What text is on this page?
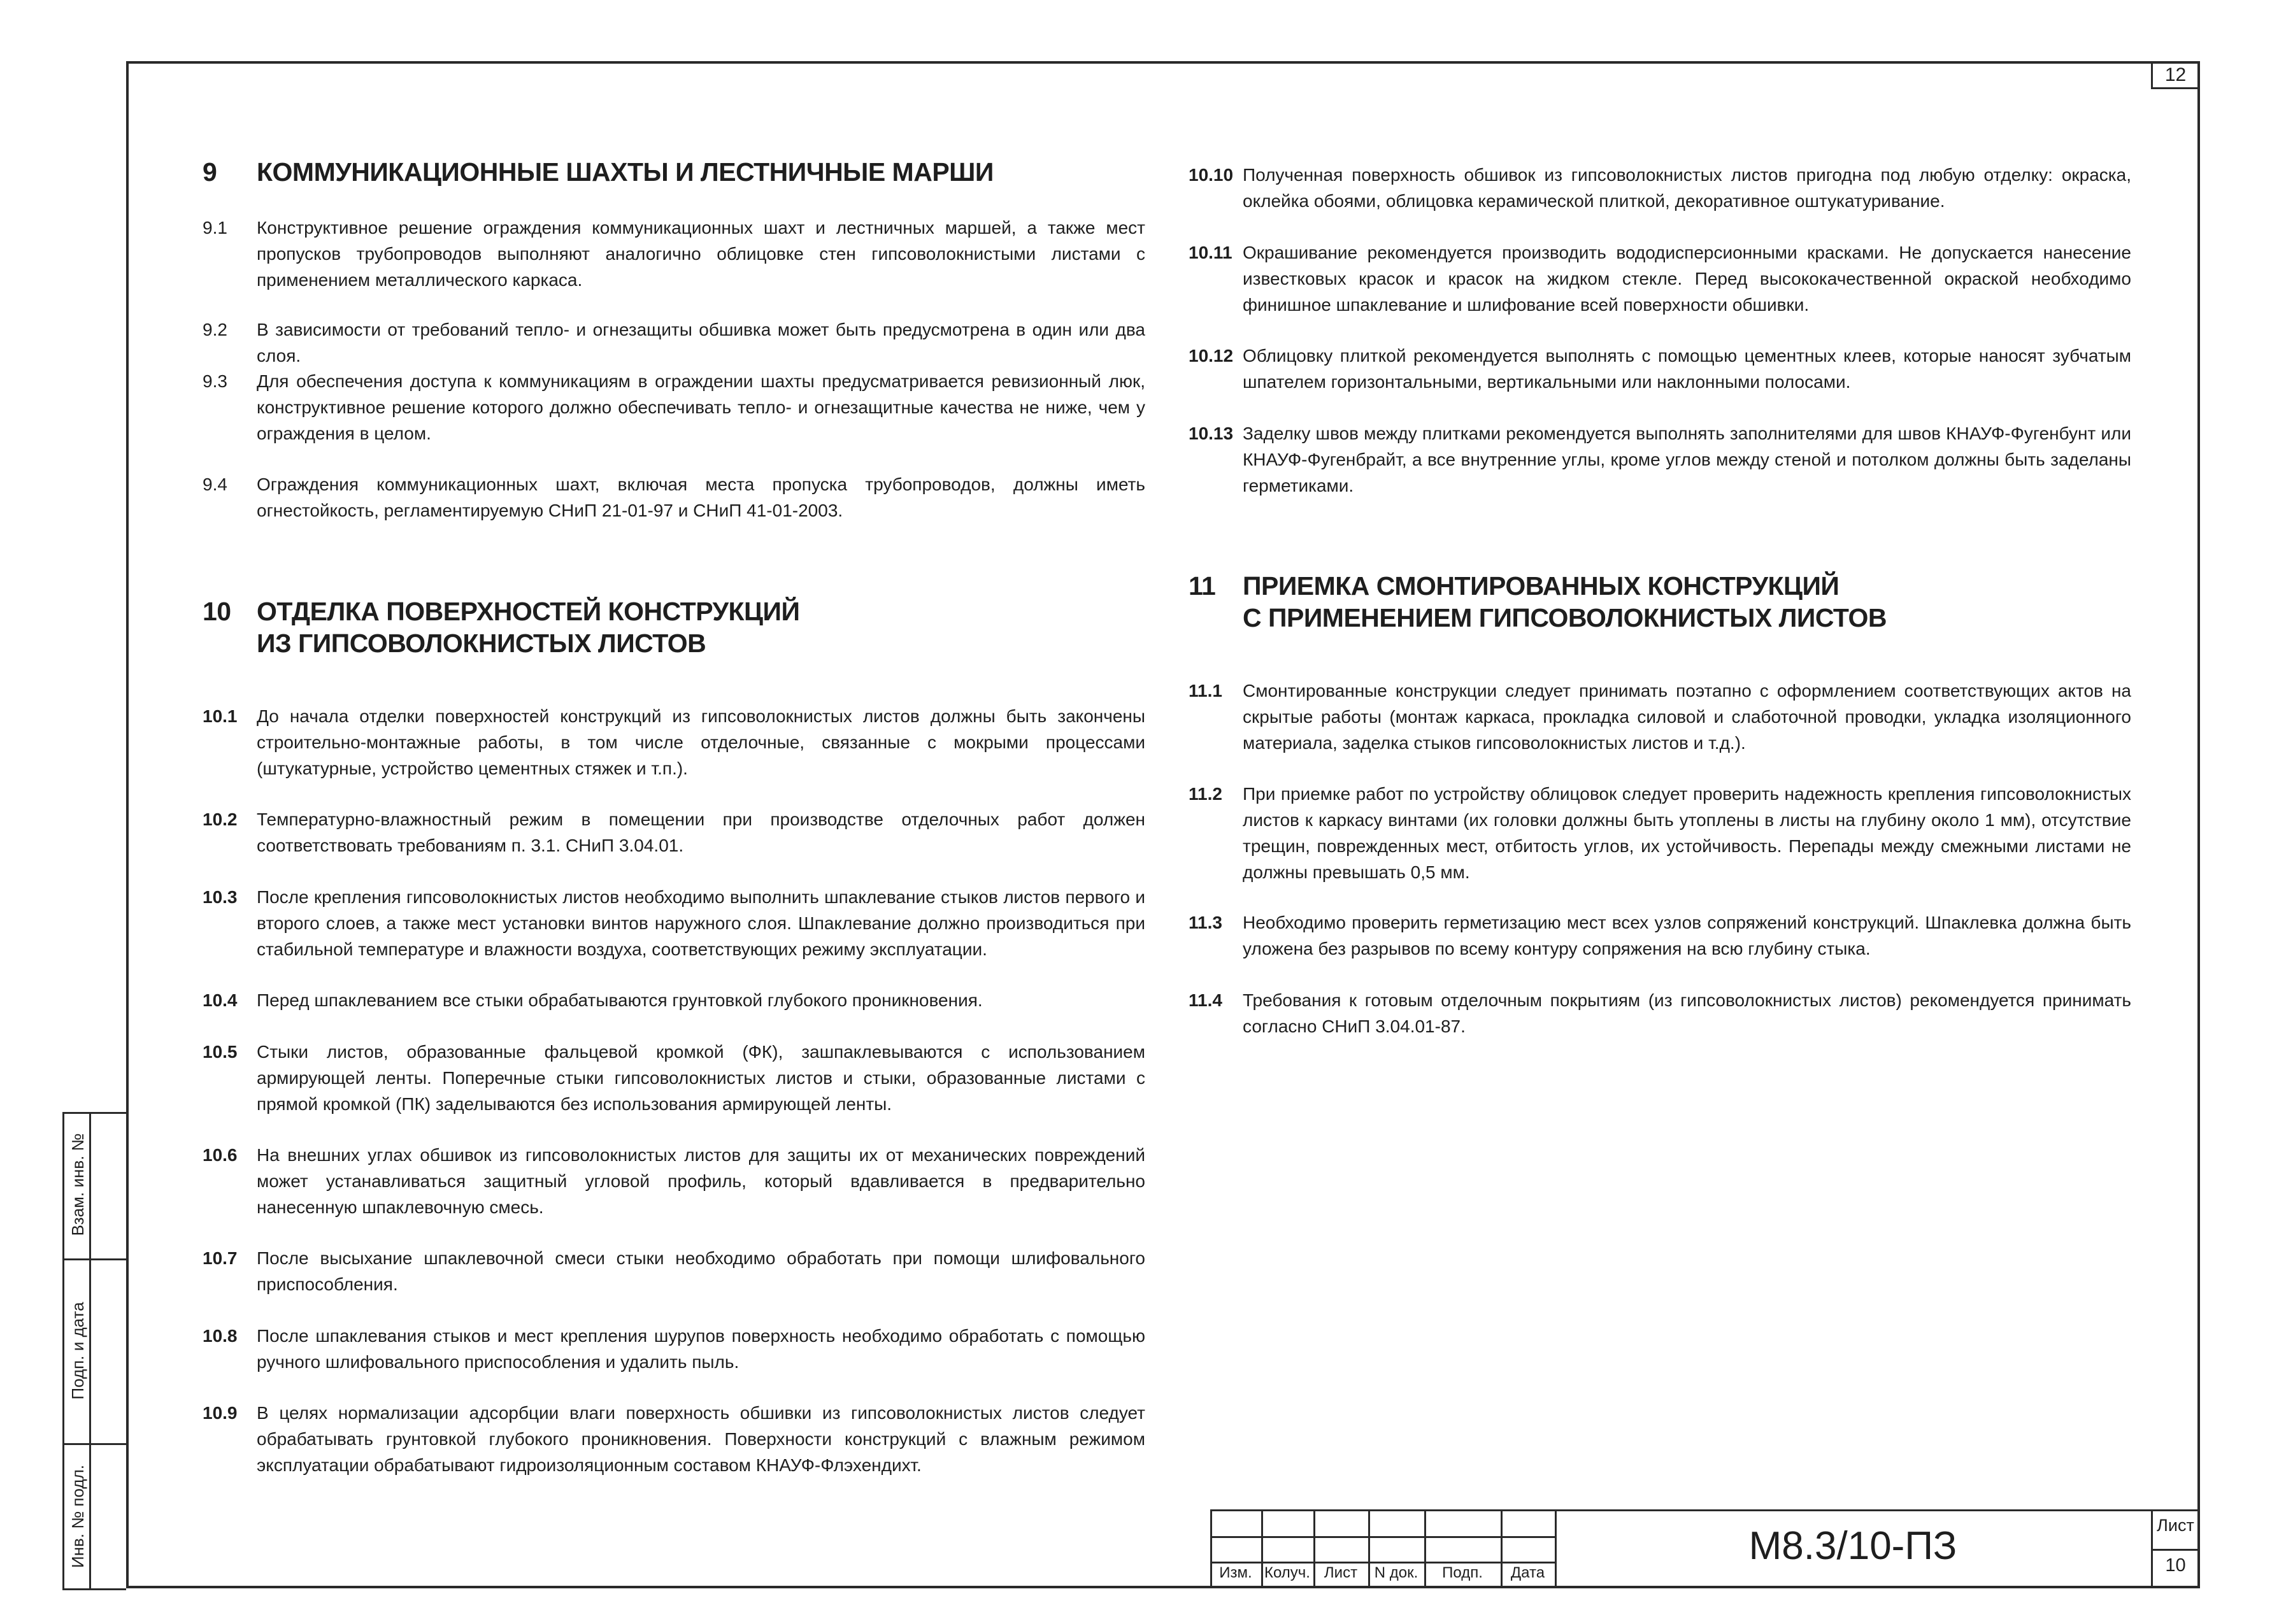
12
9 КОММУНИКАЦИОННЫЕ ШАХТЫ И ЛЕСТНИЧНЫЕ МАРШИ
9.1 Конструктивное решение ограждения коммуникационных шахт и лестничных маршей, а также мест пропусков трубопроводов выполняют аналогично облицовке стен гипсоволокнистыми листами с применением металлического каркаса.
9.2 В зависимости от требований тепло- и огнезащиты обшивка может быть предусмотрена в один или два слоя.
9.3 Для обеспечения доступа к коммуникациям в ограждении шахты предусматривается ревизионный люк, конструктивное решение которого должно обеспечивать тепло- и огнезащитные качества не ниже, чем у ограждения в целом.
9.4 Ограждения коммуникационных шахт, включая места пропуска трубопроводов, должны иметь огнестойкость, регламентируемую СНиП 21-01-97 и СНиП 41-01-2003.
10 ОТДЕЛКА ПОВЕРХНОСТЕЙ КОНСТРУКЦИЙ
ИЗ ГИПСОВОЛОКНИСТЫХ ЛИСТОВ
10.1 До начала отделки поверхностей конструкций из гипсоволокнистых листов должны быть закончены строительно-монтажные работы, в том числе отделочные, связанные с мокрыми процессами (штукатурные, устройство цементных стяжек и т.п.).
10.2 Температурно-влажностный режим в помещении при производстве отделочных работ должен соответствовать требованиям п. 3.1. СНиП 3.04.01.
10.3 После крепления гипсоволокнистых листов необходимо выполнить шпаклевание стыков листов первого и второго слоев, а также мест установки винтов наружного слоя. Шпаклевание должно производиться при стабильной температуре и влажности воздуха, соответствующих режиму эксплуатации.
10.4 Перед шпаклеванием все стыки обрабатываются грунтовкой глубокого проникновения.
10.5 Стыки листов, образованные фальцевой кромкой (ФК), зашпаклевываются с использованием армирующей ленты. Поперечные стыки гипсоволокнистых листов и стыки, образованные листами с прямой кромкой (ПК) заделываются без использования армирующей ленты.
10.6 На внешних углах обшивок из гипсоволокнистых листов для защиты их от механических повреждений может устанавливаться защитный угловой профиль, который вдавливается в предварительно нанесенную шпаклевочную смесь.
10.7 После высыхание шпаклевочной смеси стыки необходимо обработать при помощи шлифовального приспособления.
10.8 После шпаклевания стыков и мест крепления шурупов поверхность необходимо обработать с помощью ручного шлифовального приспособления и удалить пыль.
10.9 В целях нормализации адсорбции влаги поверхность обшивки из гипсоволокнистых листов следует обрабатывать грунтовкой глубокого проникновения. Поверхности конструкций с влажным режимом эксплуатации обрабатывают гидроизоляционным составом КНАУФ-Флэхендихт.
10.10 Полученная поверхность обшивок из гипсоволокнистых листов пригодна под любую отделку: окраска, оклейка обоями, облицовка керамической плиткой, декоративное оштукатуривание.
10.11 Окрашивание рекомендуется производить вододисперсионными красками. Не допускается нанесение известковых красок и красок на жидком стекле. Перед высококачественной окраской необходимо финишное шпаклевание и шлифование всей поверхности обшивки.
10.12 Облицовку плиткой рекомендуется выполнять с помощью цементных клеев, которые наносят зубчатым шпателем горизонтальными, вертикальными или наклонными полосами.
10.13 Заделку швов между плитками рекомендуется выполнять заполнителями для швов КНАУФ-Фугенбунт или КНАУФ-Фугенбрайт, а все внутренние углы, кроме углов между стеной и потолком должны быть заделаны герметиками.
11 ПРИЕМКА СМОНТИРОВАННЫХ КОНСТРУКЦИЙ
С ПРИМЕНЕНИЕМ ГИПСОВОЛОКНИСТЫХ ЛИСТОВ
11.1 Смонтированные конструкции следует принимать поэтапно с оформлением соответствующих актов на скрытые работы (монтаж каркаса, прокладка силовой и слаботочной проводки, укладка изоляционного материала, заделка стыков гипсоволокнистых листов и т.д.).
11.2 При приемке работ по устройству облицовок следует проверить надежность крепления гипсоволокнистых листов к каркасу винтами (их головки должны быть утоплены в листы на глубину около 1 мм), отсутствие трещин, поврежденных мест, отбитость углов, их устойчивость. Перепады между смежными листами не должны превышать 0,5 мм.
11.3 Необходимо проверить герметизацию мест всех узлов сопряжений конструкций. Шпаклевка должна быть уложена без разрывов по всему контуру сопряжения на всю глубину стыка.
11.4 Требования к готовым отделочным покрытиям (из гипсоволокнистых листов) рекомендуется принимать согласно СНиП 3.04.01-87.
Взам. инв. №
Подп. и дата
Инв. № подл.
Изм. Колуч. Лист	N док.	Подп.	Дата
М8.3/10-ПЗ	Лист
10
